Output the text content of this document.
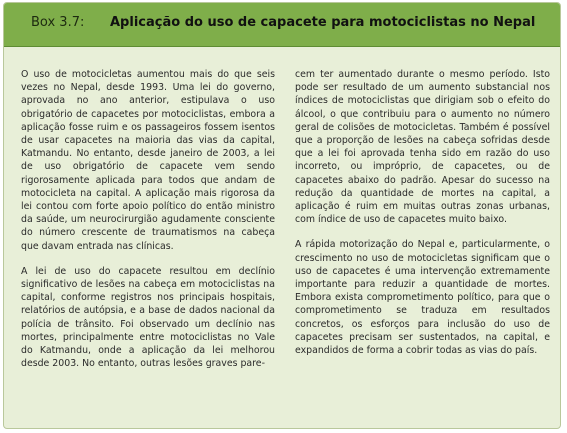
Box 3.7: Aplicação do uso de capacete para motociclistas no Nepal

O uso de motocicletas aumentou mais do que seis vezes no Nepal, desde 1993. Uma lei do governo, aprovada no ano anterior, estipulava o uso obrigatório de capacetes por motociclistas, embora a aplicação fosse ruim e os passageiros fossem isentos de usar capacetes na maioria das vias da capital, Katmandu. No entanto, desde janeiro de 2003, a lei de uso obrigatório de capacete vem sendo rigorosamente aplicada para todos que andam de motocicleta na capital. A aplicação mais rigorosa da lei contou com forte apoio político do então ministro da saúde, um neurocirurgião agudamente consciente do número crescente de traumatismos na cabeça que davam entrada nas clínicas.

A lei de uso do capacete resultou em declínio significativo de lesões na cabeça em motociclistas na capital, conforme registros nos principais hospitais, relatórios de autópsia, e a base de dados nacional da polícia de trânsito. Foi observado um declínio nas mortes, principalmente entre motociclistas no Vale do Katmandu, onde a aplicação da lei melhorou desde 2003. No entanto, outras lesões graves pare-

cem ter aumentado durante o mesmo período. Isto pode ser resultado de um aumento substancial nos índices de motociclistas que dirigiam sob o efeito do álcool, o que contribuiu para o aumento no número geral de colisões de motocicletas. Também é possível que a proporção de lesões na cabeça sofridas desde que a lei foi aprovada tenha sido em razão do uso incorreto, ou impróprio, de capacetes, ou de capacetes abaixo do padrão. Apesar do sucesso na redução da quantidade de mortes na capital, a aplicação é ruim em muitas outras zonas urbanas, com índice de uso de capacetes muito baixo.

A rápida motorização do Nepal e, particularmente, o crescimento no uso de motocicletas significam que o uso de capacetes é uma intervenção extremamente importante para reduzir a quantidade de mortes. Embora exista comprometimento político, para que o comprometimento se traduza em resultados concretos, os esforços para inclusão do uso de capacetes precisam ser sustentados, na capital, e expandidos de forma a cobrir todas as vias do país.
